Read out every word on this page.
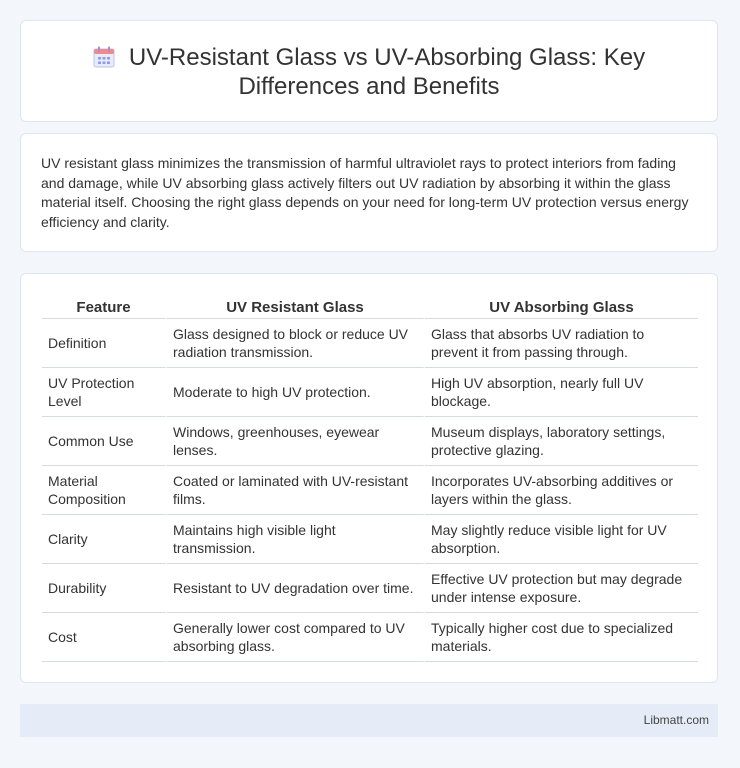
UV-Resistant Glass vs UV-Absorbing Glass: Key
Differences and Benefits

UV resistant glass minimizes the transmission of harmful ultraviolet rays to protect interiors from fading and damage, while UV absorbing glass actively filters out UV radiation by absorbing it within the glass material itself. Choosing the right glass depends on your need for long-term UV protection versus energy efficiency and clarity.

Feature	UV Resistant Glass	UV Absorbing Glass
Definition	Glass designed to block or reduce UV radiation transmission.	Glass that absorbs UV radiation to prevent it from passing through.
UV Protection Level	Moderate to high UV protection.	High UV absorption, nearly full UV blockage.
Common Use	Windows, greenhouses, eyewear lenses.	Museum displays, laboratory settings, protective glazing.
Material Composition	Coated or laminated with UV-resistant films.	Incorporates UV-absorbing additives or layers within the glass.
Clarity	Maintains high visible light transmission.	May slightly reduce visible light for UV absorption.
Durability	Resistant to UV degradation over time.	Effective UV protection but may degrade under intense exposure.
Cost	Generally lower cost compared to UV absorbing glass.	Typically higher cost due to specialized materials.
Libmatt.com
